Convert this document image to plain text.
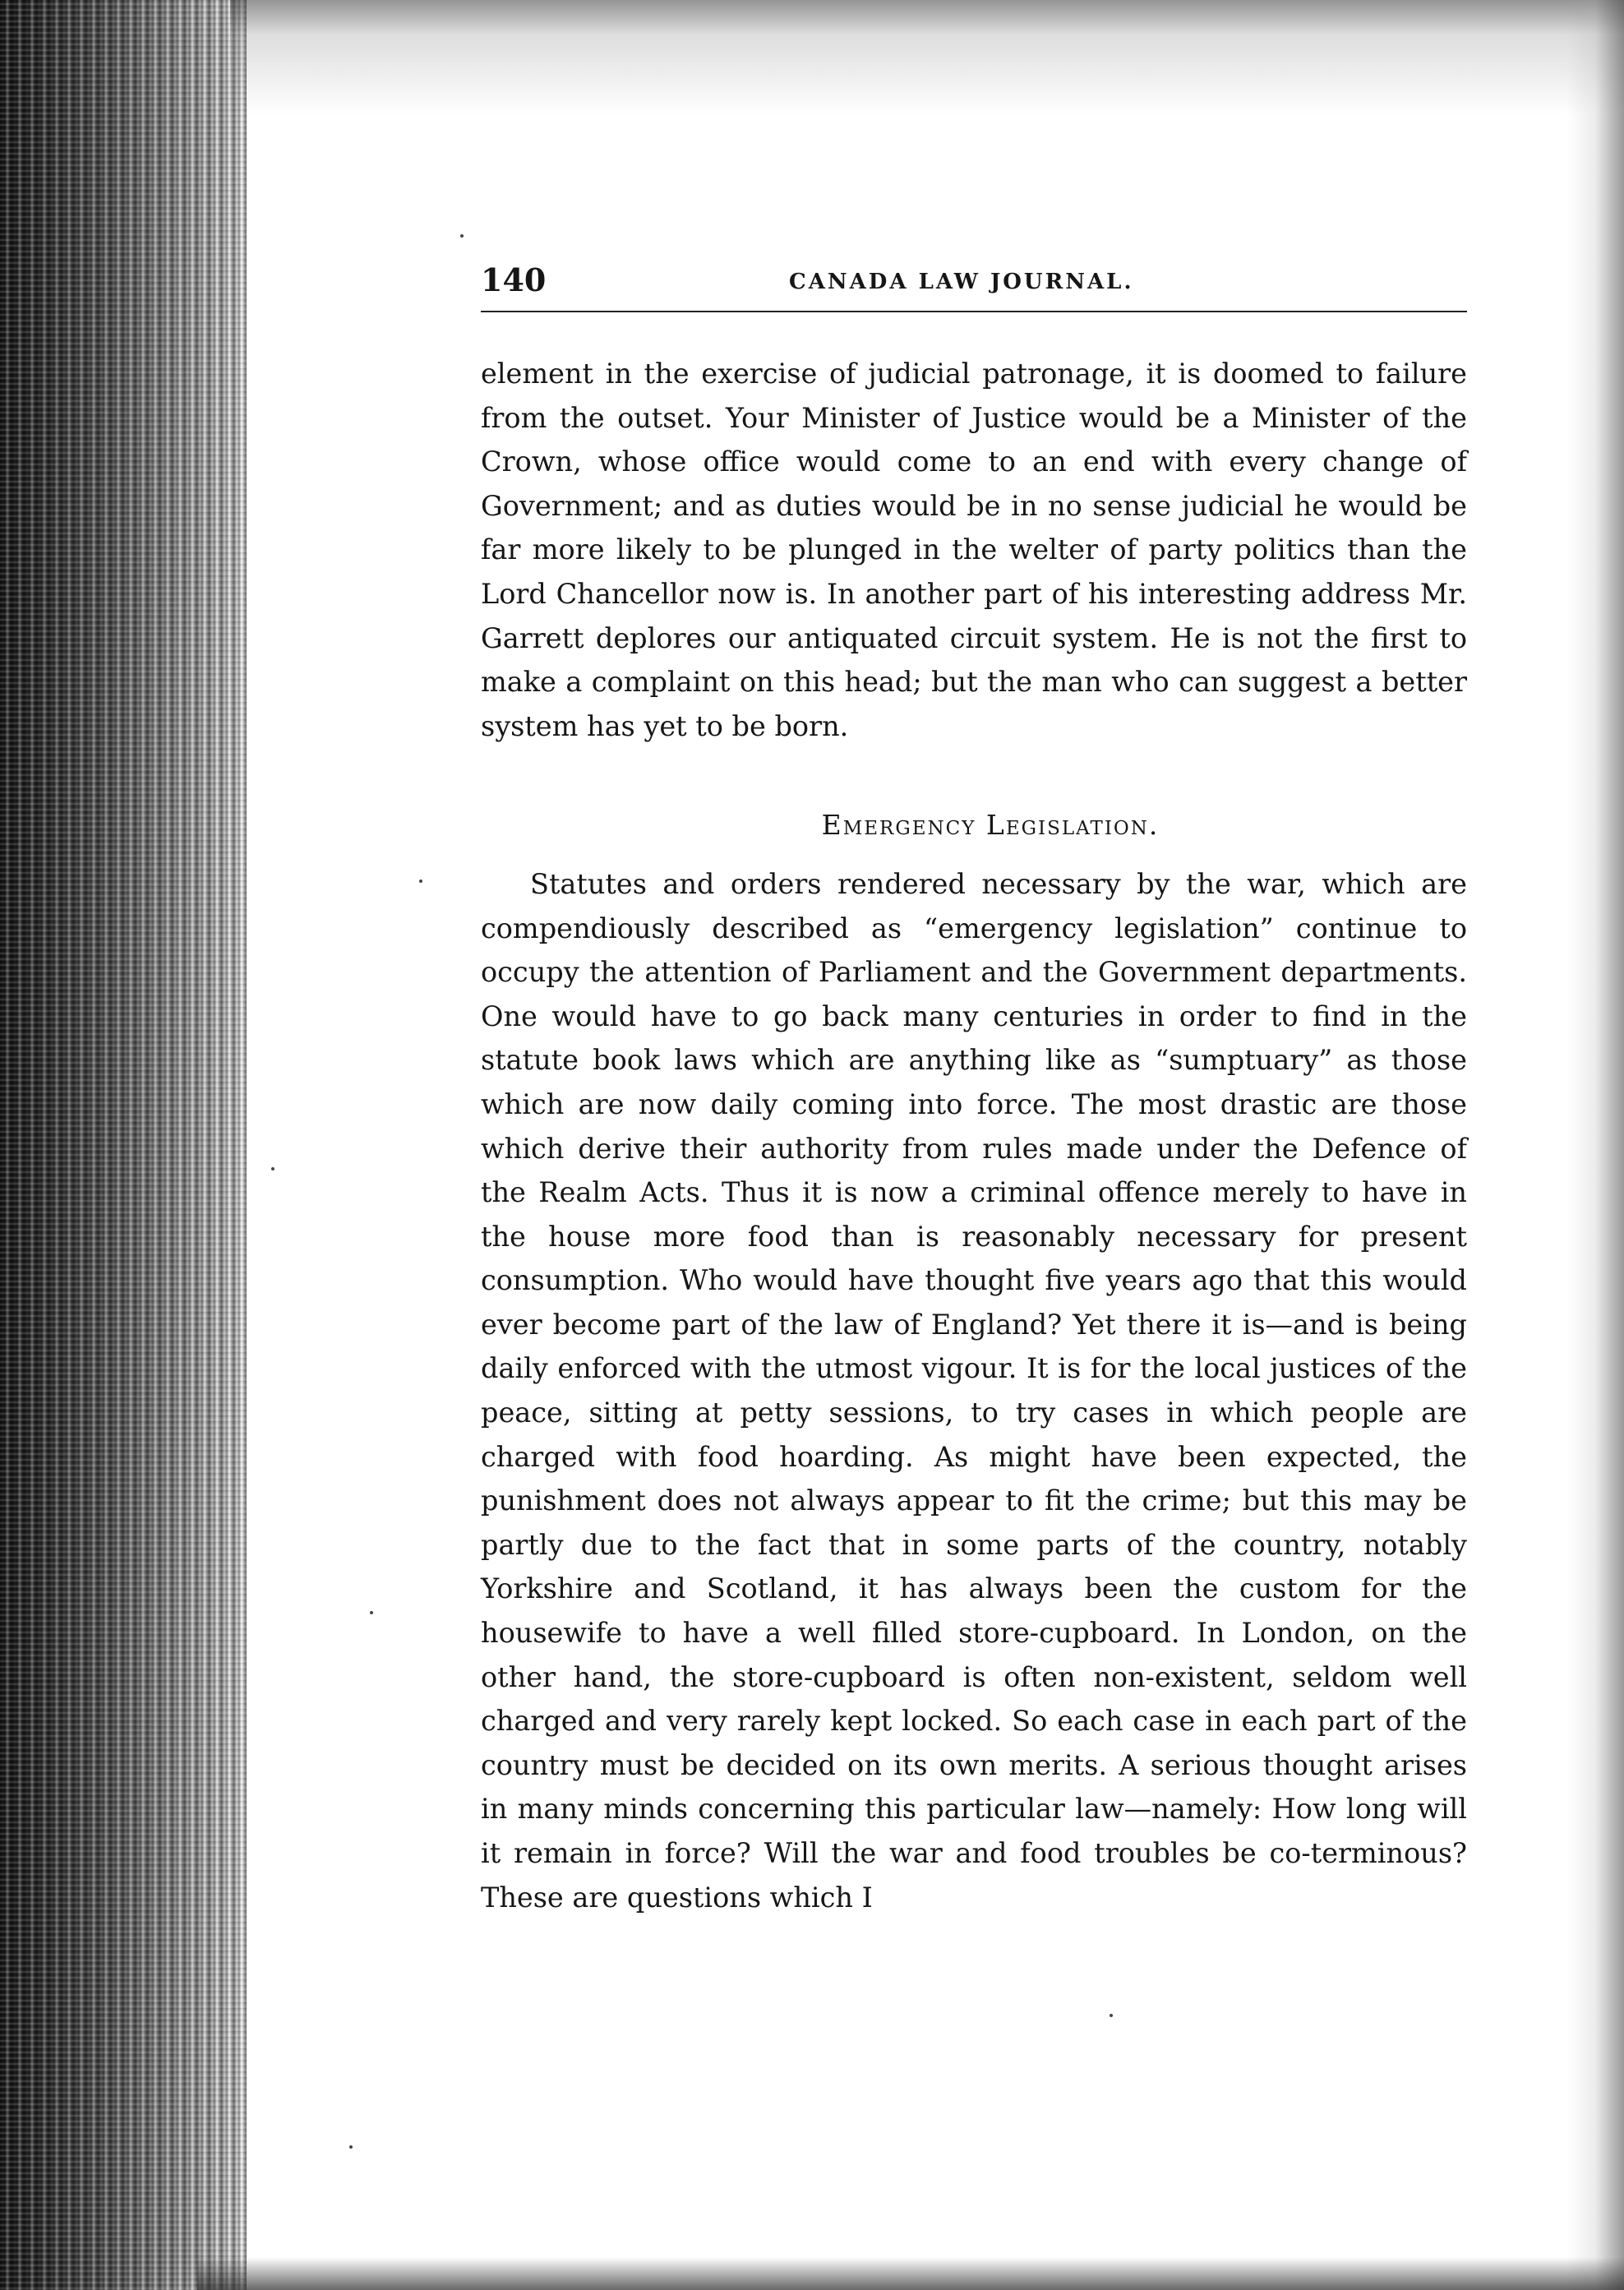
140	CANADA LAW JOURNAL.

element in the exercise of judicial patronage, it is doomed to failure from the outset. Your Minister of Justice would be a Minister of the Crown, whose office would come to an end with every change of Government; and as duties would be in no sense judicial he would be far more likely to be plunged in the welter of party politics than the Lord Chancellor now is. In another part of his interesting address Mr. Garrett deplores our antiquated circuit system. He is not the first to make a complaint on this head; but the man who can suggest a better system has yet to be born.

Emergency Legislation.

Statutes and orders rendered necessary by the war, which are compendiously described as “emergency legislation” continue to occupy the attention of Parliament and the Government departments. One would have to go back many centuries in order to find in the statute book laws which are anything like as “sumptuary” as those which are now daily coming into force. The most drastic are those which derive their authority from rules made under the Defence of the Realm Acts. Thus it is now a criminal offence merely to have in the house more food than is reasonably necessary for present consumption. Who would have thought five years ago that this would ever become part of the law of England? Yet there it is—and is being daily enforced with the utmost vigour. It is for the local justices of the peace, sitting at petty sessions, to try cases in which people are charged with food hoarding. As might have been expected, the punishment does not always appear to fit the crime; but this may be partly due to the fact that in some parts of the country, notably Yorkshire and Scotland, it has always been the custom for the housewife to have a well filled store-cupboard. In London, on the other hand, the store-cupboard is often non-existent, seldom well charged and very rarely kept locked. So each case in each part of the country must be decided on its own merits. A serious thought arises in many minds concerning this particular law—namely: How long will it remain in force? Will the war and food troubles be co-terminous? These are questions which I
